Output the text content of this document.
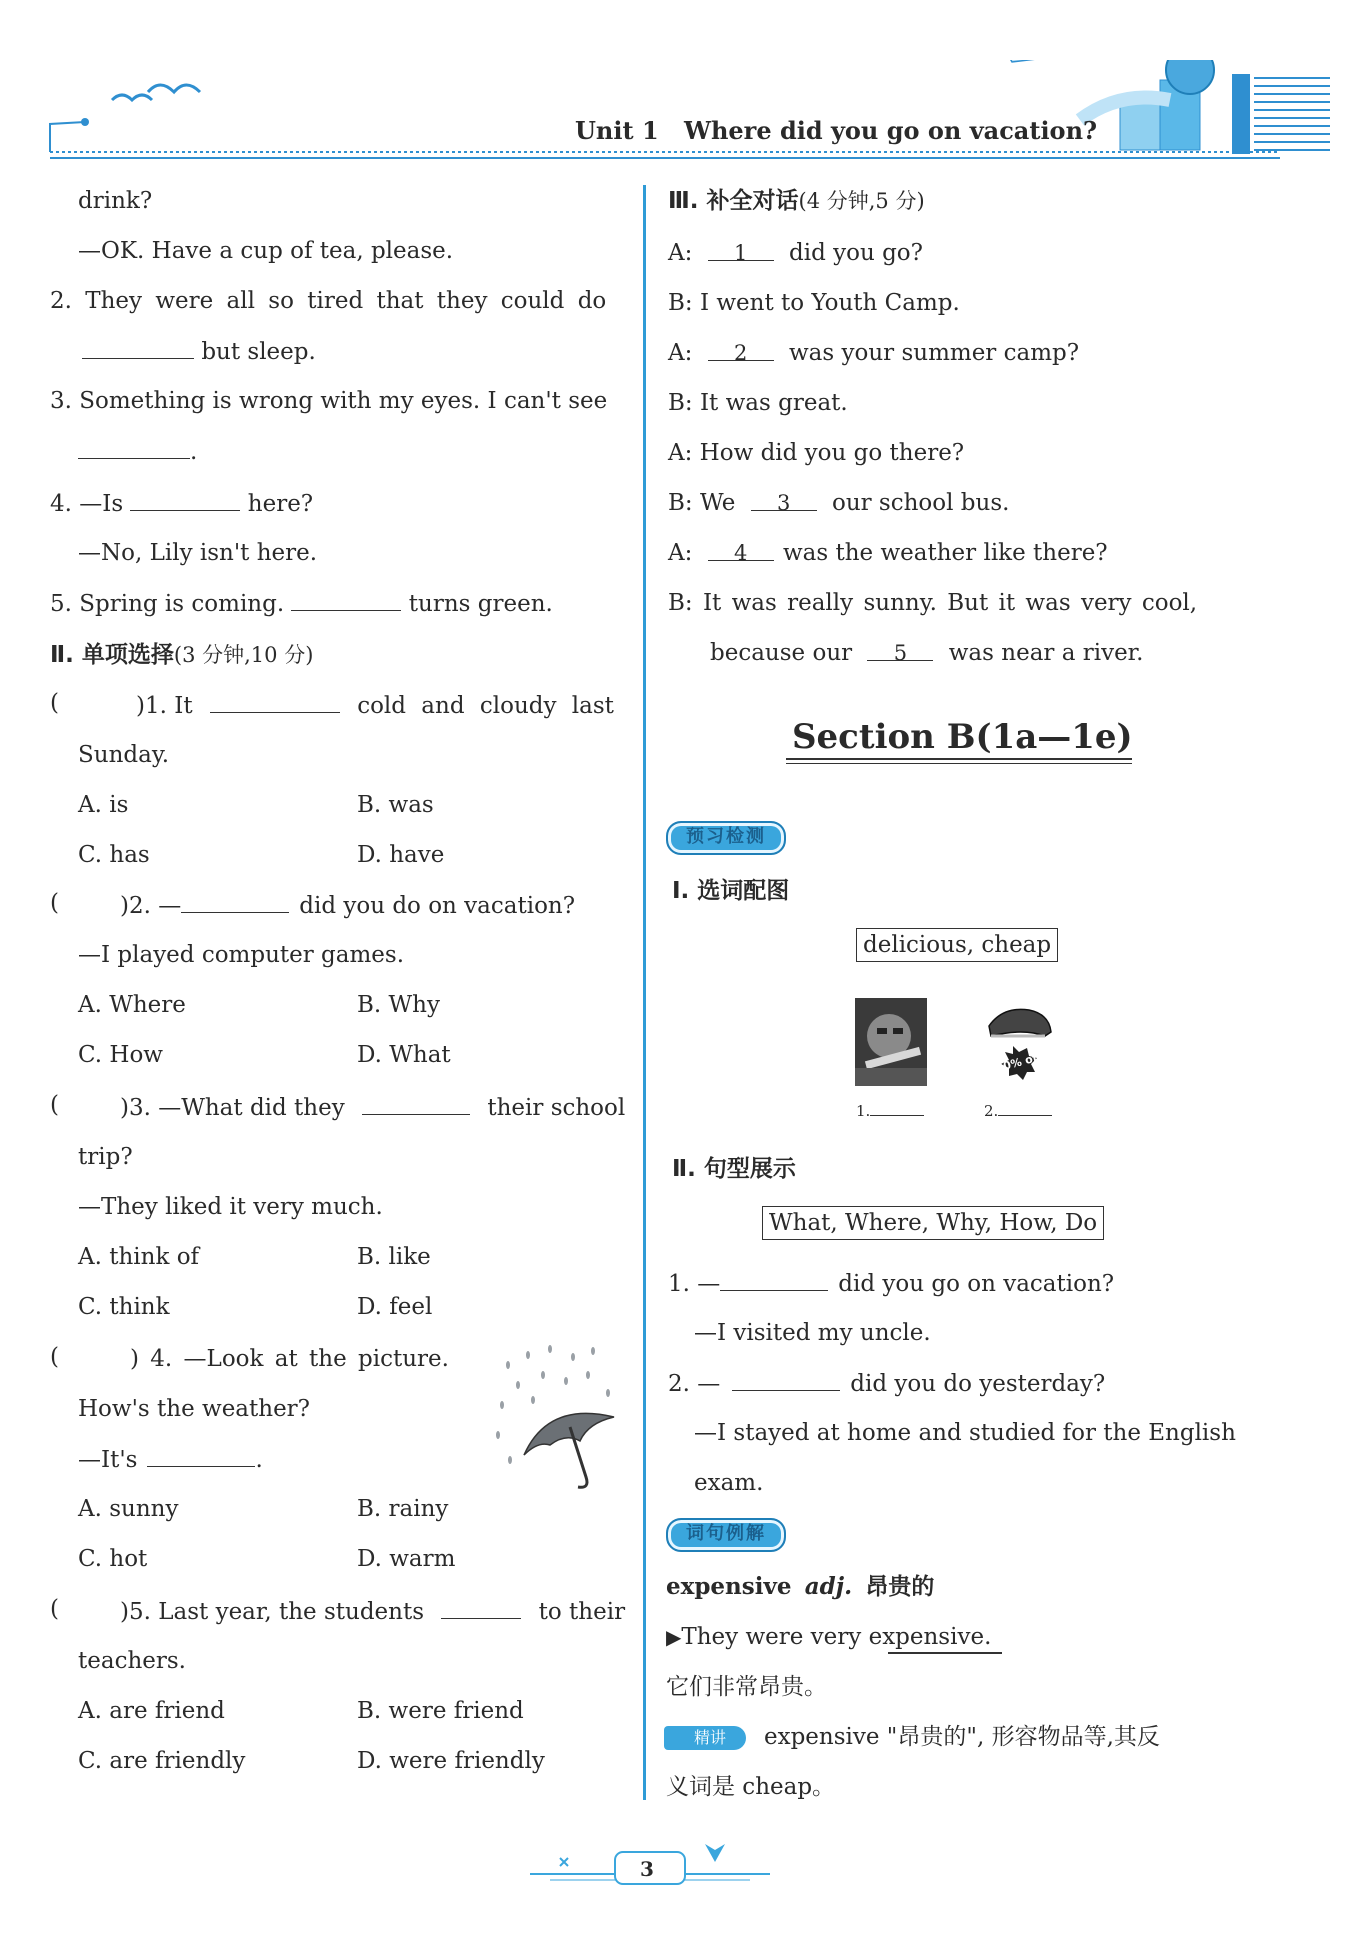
Unit 1 Where did you go on vacation?
drink?
—OK. Have a cup of tea, please.
2. They were all so tired that they could do
but sleep.
3. Something is wrong with my eyes. I can't see
.
4. —Is	here?
—No, Lily isn't here.
5. Spring is coming.	turns green.
Ⅱ. 单项选择(3 分钟,10 分)
(	)1. It	cold and cloudy last
Sunday.
A. is	B. was
C. has	D. have
(	)2. —	did you do on vacation?
—I played computer games.
A. Where	B. Why
C. How	D. What
(	)3. —What did they	their school
trip?
—They liked it very much.
A. think of	B. like
C. think	D. feel
(	) 4. —Look at the picture.
How's the weather?
—It's	.
A. sunny	B. rainy
C. hot	D. warm
(	)5. Last year, the students	to their
teachers.
A. are friend	B. were friend
C. are friendly	D. were friendly
Ⅲ. 补全对话(4 分钟,5 分)
A: 1 did you go?
B: I went to Youth Camp.
A: 2 was your summer camp?
B: It was great.
A: How did you go there?
B: We 3 our school bus.
A: 4 was the weather like there?
B: It was really sunny. But it was very cool,
because our 5 was near a river.
Section B(1a—1e)
预习检测
Ⅰ. 选词配图
delicious, cheap
30% off
1.	2.
Ⅱ. 句型展示
What, Where, Why, How, Do
1. —	did you go on vacation?
—I visited my uncle.
2. —	did you do yesterday?
—I stayed at home and studied for the English
exam.
词句例解
expensive adj. 昂贵的
▶They were very expensive.
它们非常昂贵。
精讲 expensive "昂贵的", 形容物品等,其反
义词是 cheap。
3
